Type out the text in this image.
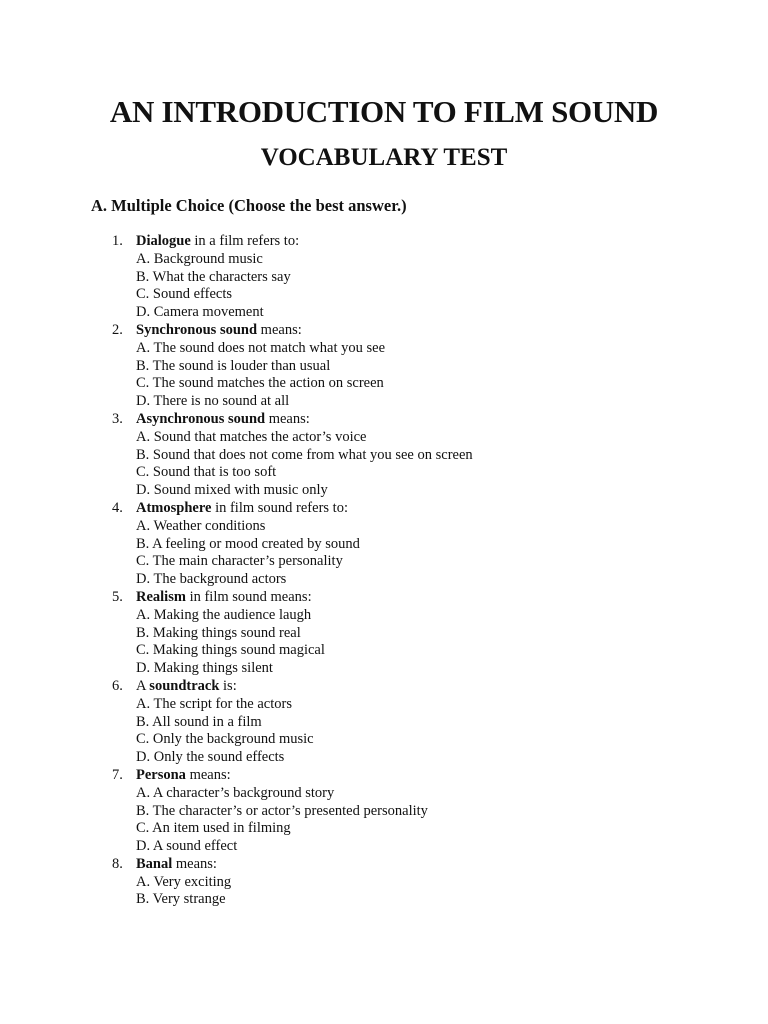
AN INTRODUCTION TO FILM SOUND
VOCABULARY TEST
A. Multiple Choice (Choose the best answer.)
1. Dialogue in a film refers to:
A. Background music
B. What the characters say
C. Sound effects
D. Camera movement
2. Synchronous sound means:
A. The sound does not match what you see
B. The sound is louder than usual
C. The sound matches the action on screen
D. There is no sound at all
3. Asynchronous sound means:
A. Sound that matches the actor’s voice
B. Sound that does not come from what you see on screen
C. Sound that is too soft
D. Sound mixed with music only
4. Atmosphere in film sound refers to:
A. Weather conditions
B. A feeling or mood created by sound
C. The main character’s personality
D. The background actors
5. Realism in film sound means:
A. Making the audience laugh
B. Making things sound real
C. Making things sound magical
D. Making things silent
6. A soundtrack is:
A. The script for the actors
B. All sound in a film
C. Only the background music
D. Only the sound effects
7. Persona means:
A. A character’s background story
B. The character’s or actor’s presented personality
C. An item used in filming
D. A sound effect
8. Banal means:
A. Very exciting
B. Very strange
